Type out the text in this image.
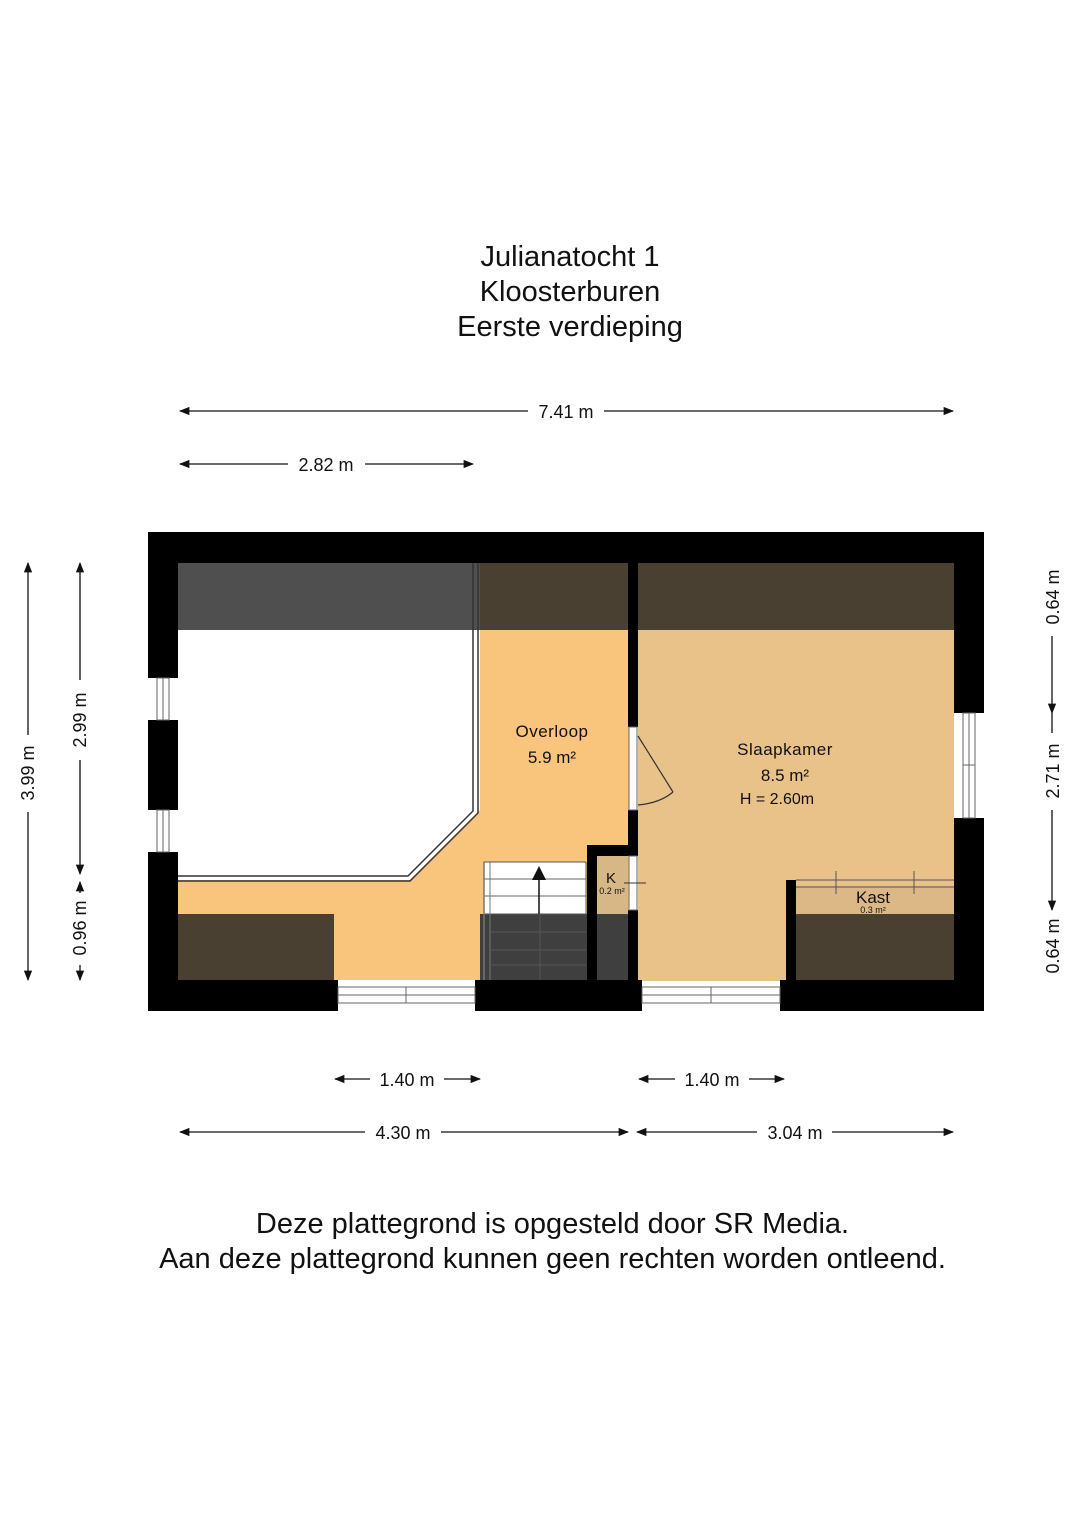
Julianatocht 1
Kloosterburen
Eerste verdieping
Overloop
5.9 m²	Slaapkamer
8.5 m²
H = 2.60m
K
0.2 m²	Kast
0.3 m²
7.41 m
2.82 m
3.99 m
2.99 m
0.96 m
0.64 m
2.71 m
0.64 m
1.40 m	1.40 m
4.30 m	3.04 m
Deze plattegrond is opgesteld door SR Media.
Aan deze plattegrond kunnen geen rechten worden ontleend.
